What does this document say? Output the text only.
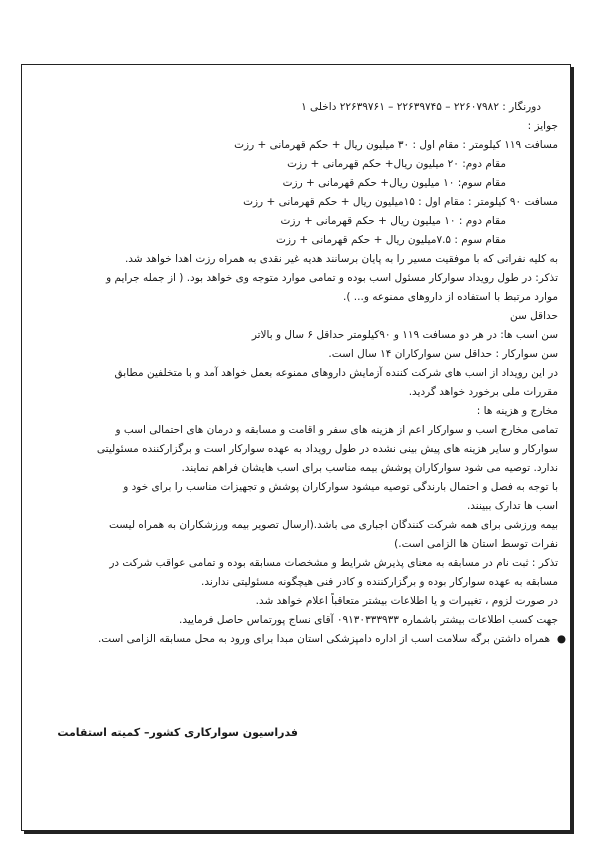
دورنگار : ۲۲۶۰۷۹۸۲ – ۲۲۶۳۹۷۴۵ – ۲۲۶۳۹۷۶۱ داخلی ۱
جوایز :
مسافت ۱۱۹ کیلومتر : مقام اول : ۳۰ میلیون ریال + حکم قهرمانی + رزت
مقام دوم: ۲۰ میلیون ریال+ حکم قهرمانی + رزت
مقام سوم: ۱۰ میلیون ریال+ حکم قهرمانی + رزت
مسافت ۹۰ کیلومتر : مقام اول : ۱۵میلیون ریال + حکم قهرمانی + رزت
مقام دوم : ۱۰ میلیون ریال + حکم قهرمانی + رزت
مقام سوم : ۷.۵میلیون ریال + حکم قهرمانی + رزت
به کلیه نفراتی که با موفقیت مسیر را به پایان برسانند هدیه غیر نقدی به همراه رزت اهدا خواهد شد.
تذکر: در طول رویداد سوارکار مسئول اسب بوده و تمامی موارد متوجه وی خواهد بود. ( از جمله جرایم و
موارد مرتبط با استفاده از داروهای ممنوعه و... ).
حداقل سن
سن اسب ها: در هر دو مسافت ۱۱۹ و ۹۰کیلومتر حداقل ۶ سال و بالاتر
سن سوارکار : حداقل سن سوارکاران ۱۴ سال است.
در این رویداد از اسب های شرکت کننده آزمایش داروهای ممنوعه بعمل خواهد آمد و با متخلفین مطابق
مقررات ملی برخورد خواهد گردید.
مخارج و هزینه ها :
تمامی مخارج اسب و سوارکار اعم از هزینه های سفر و اقامت و مسابقه و درمان های احتمالی اسب و
سوارکار و سایر هزینه های پیش بینی نشده در طول رویداد به عهده سوارکار است و برگزارکننده مسئولیتی
ندارد. توصیه می شود سوارکاران پوشش بیمه مناسب برای اسب هایشان فراهم نمایند.
با توجه به فصل و احتمال بارندگی توصیه میشود سوارکاران پوشش و تجهیزات مناسب را برای خود و
اسب ها تدارک ببینند.
بیمه ورزشی برای همه شرکت کنندگان اجباری می باشد.(ارسال تصویر بیمه ورزشکاران به همراه لیست
نفرات توسط استان ها الزامی است.)
تذکر : ثبت نام در مسابقه به معنای پذیرش شرایط و مشخصات مسابقه بوده و تمامی عواقب شرکت در
مسابقه به عهده سوارکار بوده و برگزارکننده و کادر فنی هیچگونه مسئولیتی ندارند.
در صورت لزوم ، تغییرات و یا اطلاعات بیشتر متعاقباً اعلام خواهد شد.
جهت کسب اطلاعات بیشتر باشماره ۰۹۱۳۰۳۳۳۹۳۳ آقای نساج پورتماس حاصل فرمایید.
●
همراه داشتن برگه سلامت اسب از اداره دامپزشکی استان مبدا برای ورود به محل مسابقه الزامی است.
فدراسیون سوارکاری کشور– کمیته استقامت
